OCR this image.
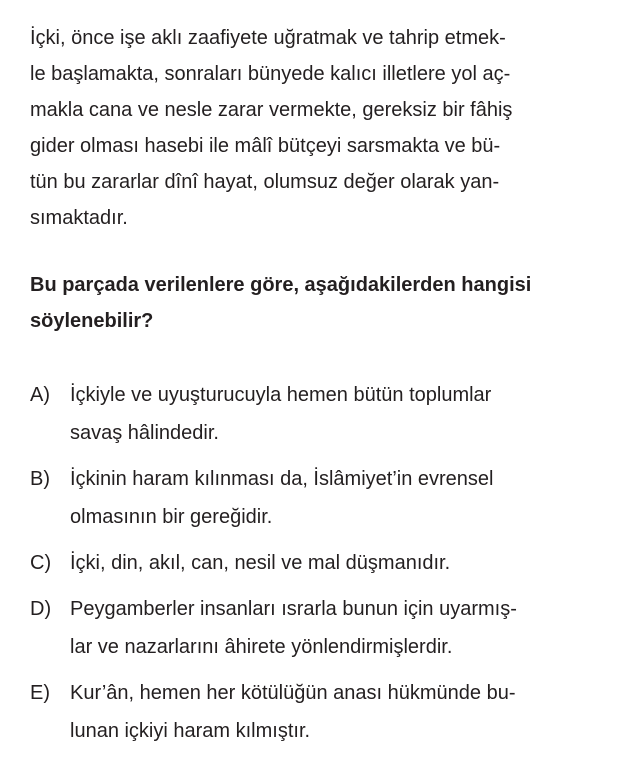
İçki, önce işe aklı zaafiyete uğratmak ve tahrip etmek-
le başlamakta, sonraları bünyede kalıcı illetlere yol aç-
makla cana ve nesle zarar vermekte, gereksiz bir fâhiş
gider olması hasebi ile mâlî bütçeyi sarsmakta ve bü-
tün bu zararlar dînî hayat, olumsuz değer olarak yan-
sımaktadır.
Bu parçada verilenlere göre, aşağıdakilerden hangisi
söylenebilir?
A) İçkiyle ve uyuşturucuyla hemen bütün toplumlar
savaş hâlindedir.
B) İçkinin haram kılınması da, İslâmiyet’in evrensel
olmasının bir gereğidir.
C) İçki, din, akıl, can, nesil ve mal düşmanıdır.
D) Peygamberler insanları ısrarla bunun için uyarmış-
lar ve nazarlarını âhirete yönlendirmişlerdir.
E) Kur’ân, hemen her kötülüğün anası hükmünde bu-
lunan içkiyi haram kılmıştır.
